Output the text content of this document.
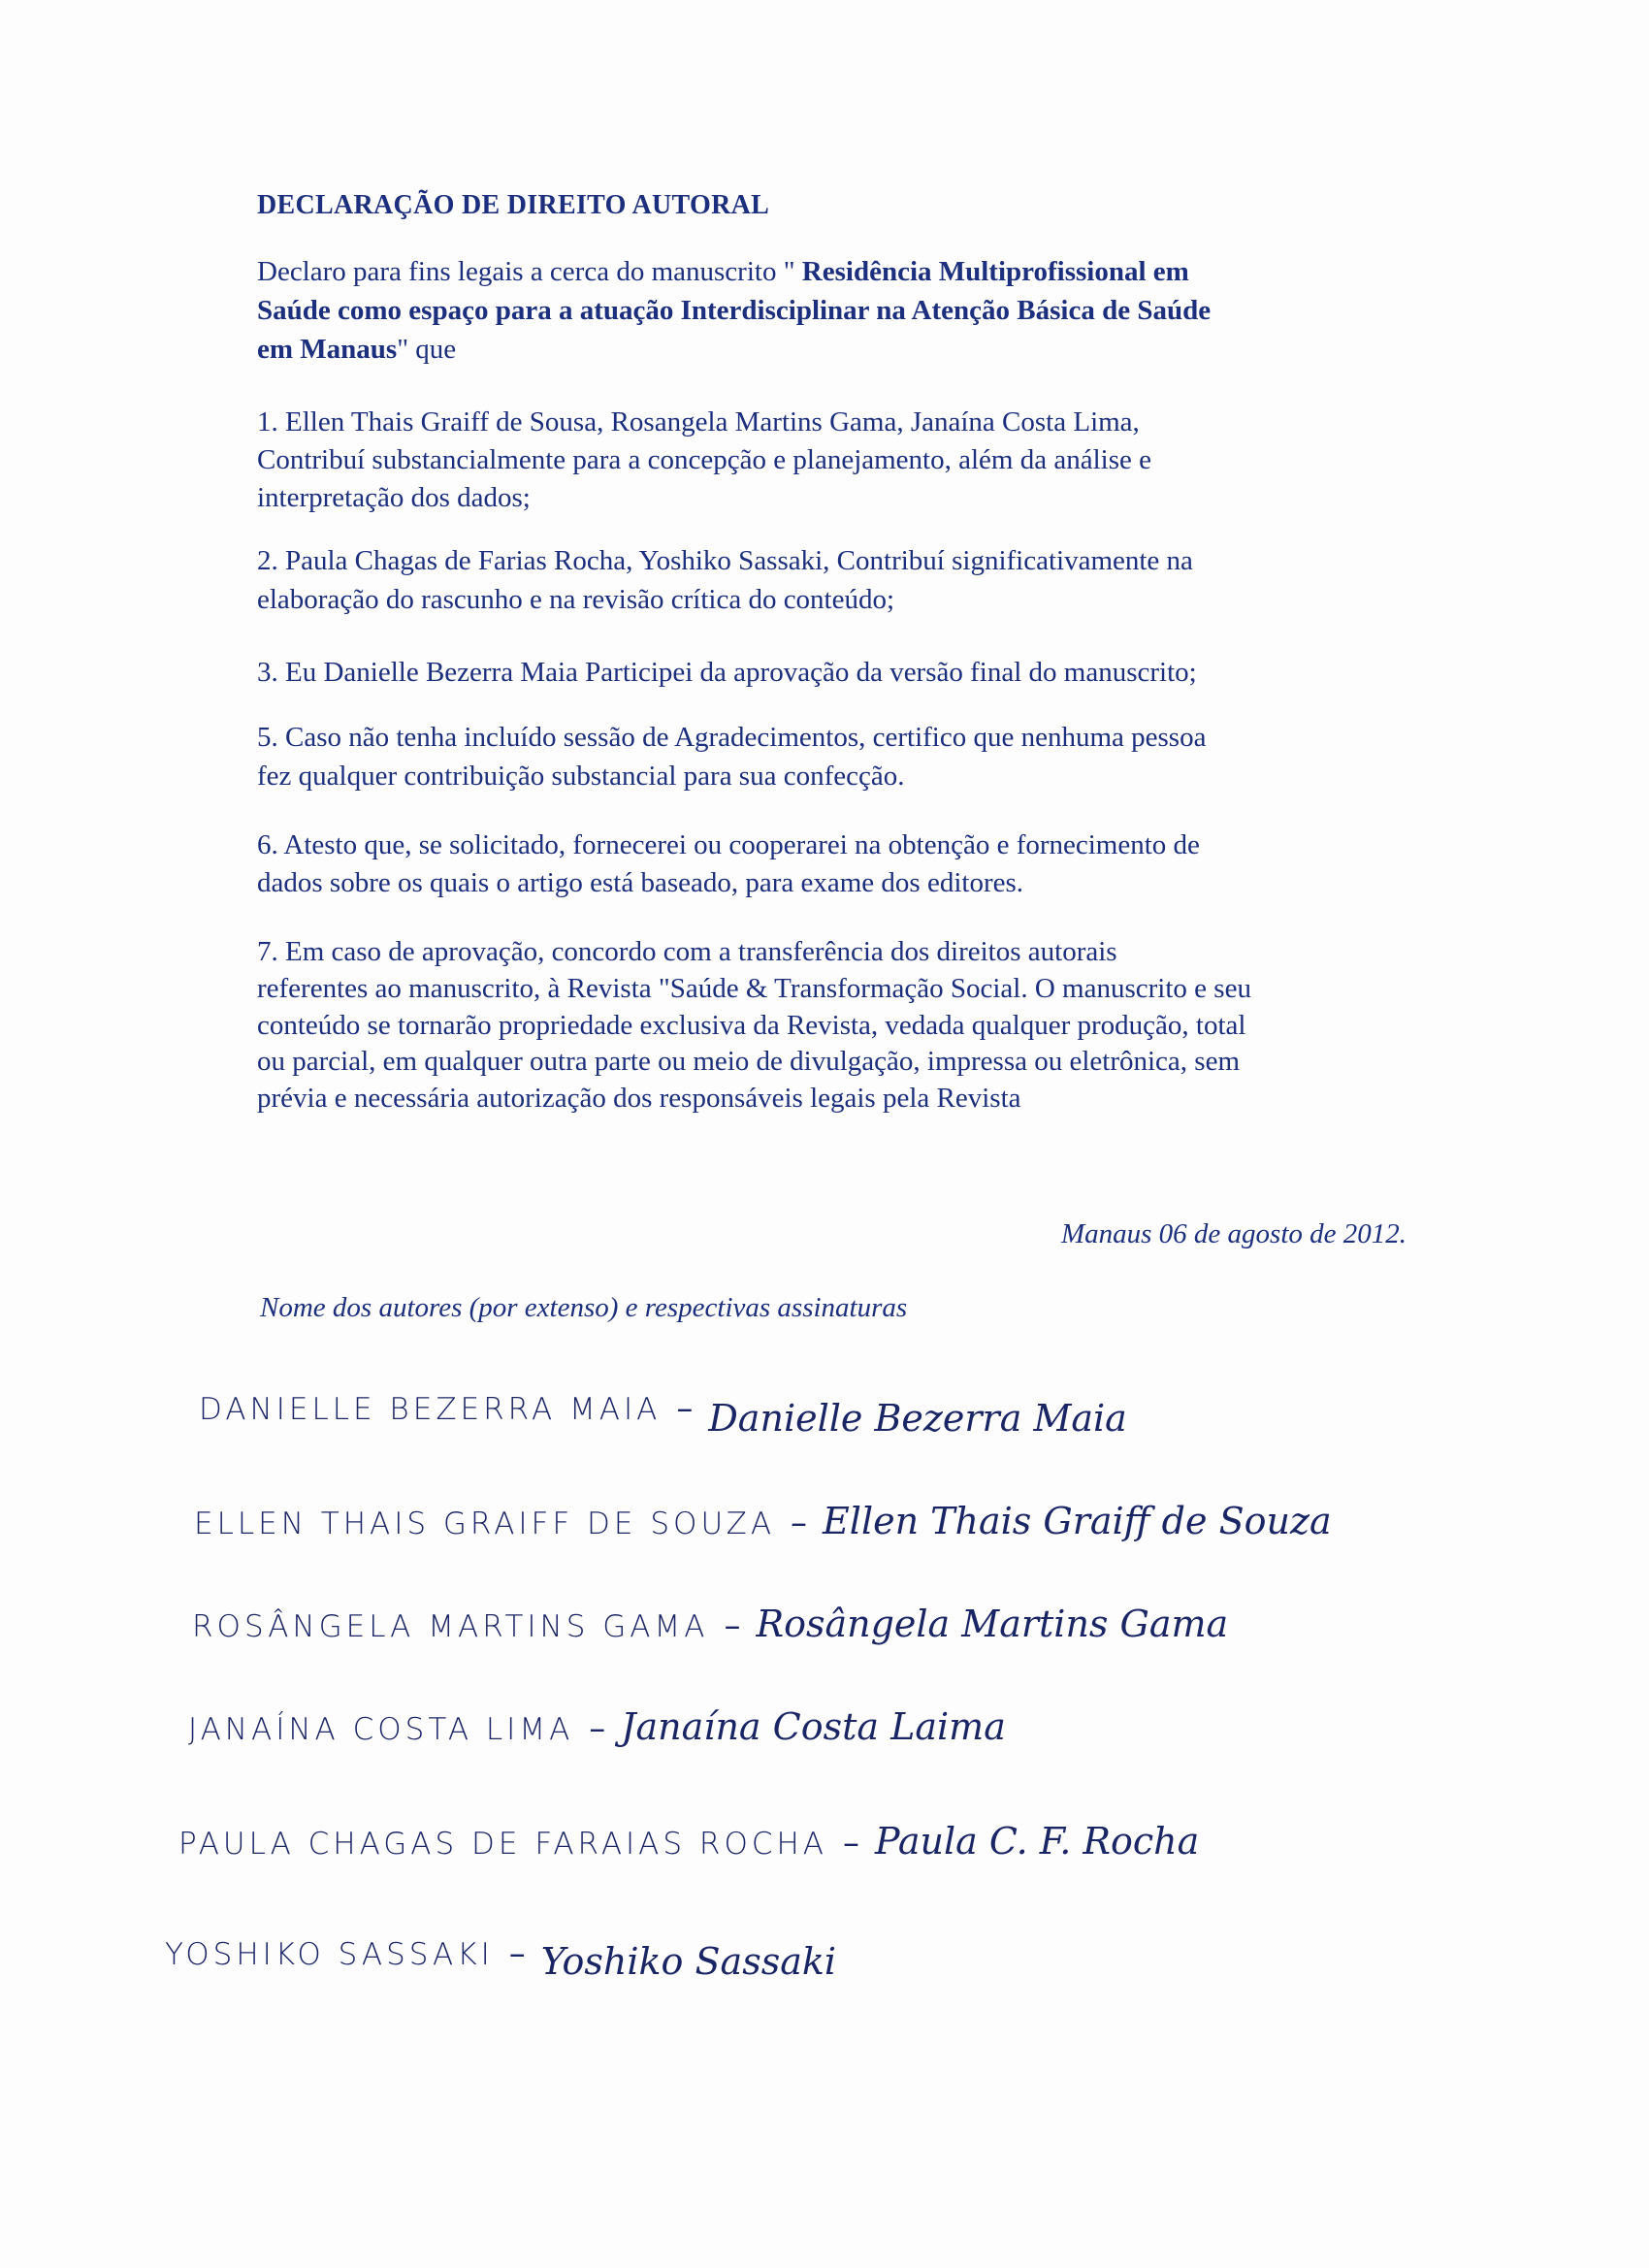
DECLARAÇÃO DE DIREITO AUTORAL
Declaro para fins legais a cerca do manuscrito " Residência Multiprofissional em
Saúde como espaço para a atuação Interdisciplinar na Atenção Básica de Saúde
em Manaus" que
1. Ellen Thais Graiff de Sousa, Rosangela Martins Gama, Janaína Costa Lima,
Contribuí substancialmente para a concepção e planejamento, além da análise e
interpretação dos dados;
2. Paula Chagas de Farias Rocha, Yoshiko Sassaki, Contribuí significativamente na
elaboração do rascunho e na revisão crítica do conteúdo;
3. Eu Danielle Bezerra Maia Participei da aprovação da versão final do manuscrito;
5. Caso não tenha incluído sessão de Agradecimentos, certifico que nenhuma pessoa
fez qualquer contribuição substancial para sua confecção.
6. Atesto que, se solicitado, fornecerei ou cooperarei na obtenção e fornecimento de
dados sobre os quais o artigo está baseado, para exame dos editores.
7. Em caso de aprovação, concordo com a transferência dos direitos autorais
referentes ao manuscrito, à Revista "Saúde & Transformação Social. O manuscrito e seu
conteúdo se tornarão propriedade exclusiva da Revista, vedada qualquer produção, total
ou parcial, em qualquer outra parte ou meio de divulgação, impressa ou eletrônica, sem
prévia e necessária autorização dos responsáveis legais pela Revista
Manaus 06 de agosto de 2012.
Nome dos autores (por extenso) e respectivas assinaturas
DANIELLE BEZERRA MAIA – Danielle Bezerra Maia
ELLEN THAIS GRAIFF DE SOUZA – Ellen Thais Graiff de Souza
ROSÂNGELA MARTINS GAMA – Rosângela Martins Gama
JANAÍNA COSTA LIMA – Janaína Costa Laima
PAULA CHAGAS DE FARAIAS ROCHA – Paula C. F. Rocha
YOSHIKO SASSAKI – Yoshiko Sassaki
